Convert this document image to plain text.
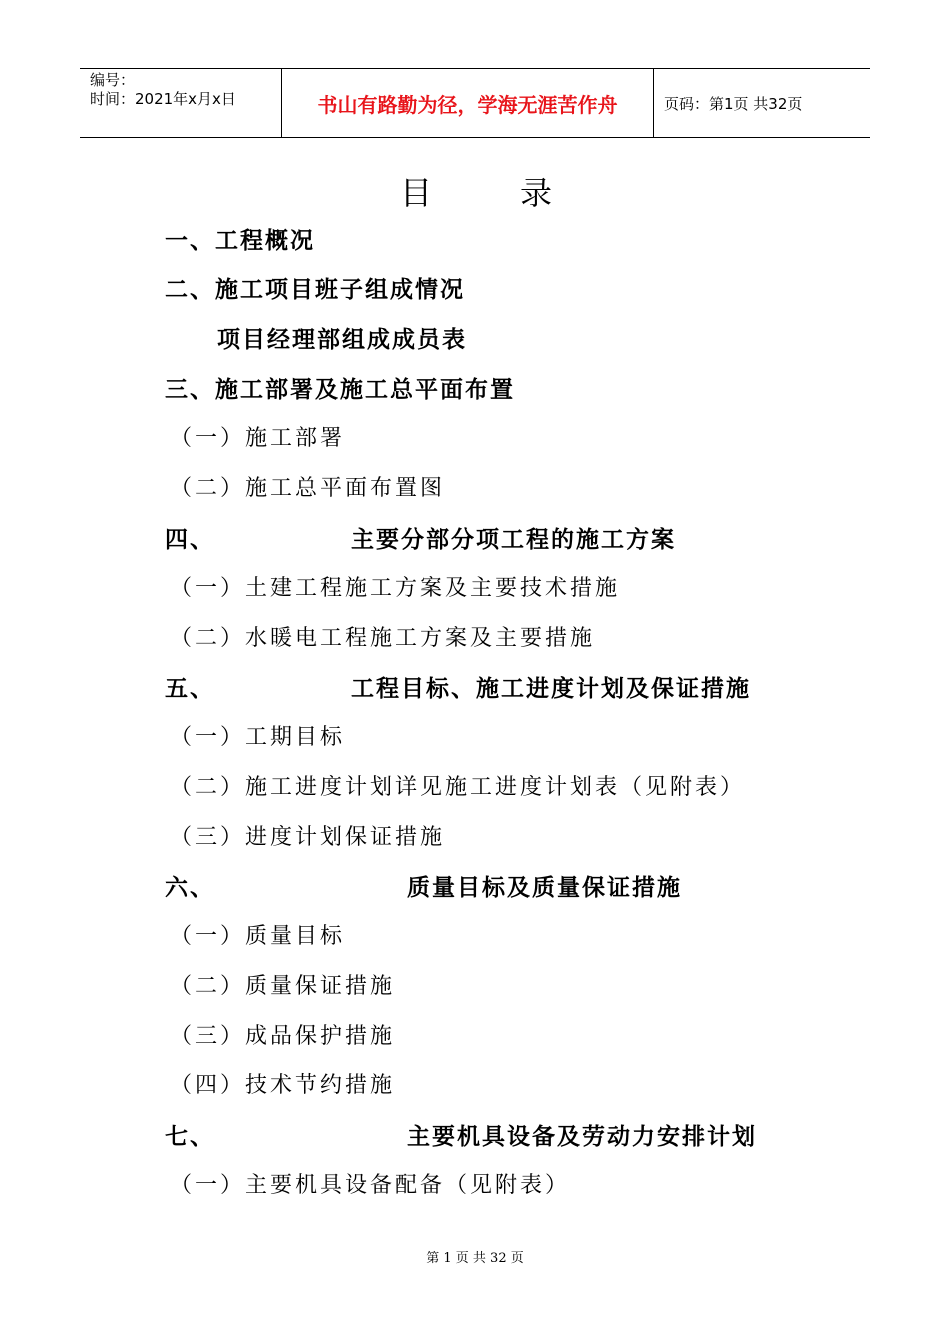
编号：
时间：2021年x月x日	书山有路勤为径，学海无涯苦作舟	页码：第1页 共32页
目	录
一、工程概况
二、施工项目班子组成情况
项目经理部组成成员表
三、施工部署及施工总平面布置
（一）施工部署
（二）施工总平面布置图
四、	主要分部分项工程的施工方案
（一）土建工程施工方案及主要技术措施
（二）水暖电工程施工方案及主要措施
五、	工程目标、施工进度计划及保证措施
（一）工期目标
（二）施工进度计划详见施工进度计划表（见附表）
（三）进度计划保证措施
六、	质量目标及质量保证措施
（一）质量目标
（二）质量保证措施
（三）成品保护措施
（四）技术节约措施
七、	主要机具设备及劳动力安排计划
（一）主要机具设备配备（见附表）
第 1 页 共 32 页
